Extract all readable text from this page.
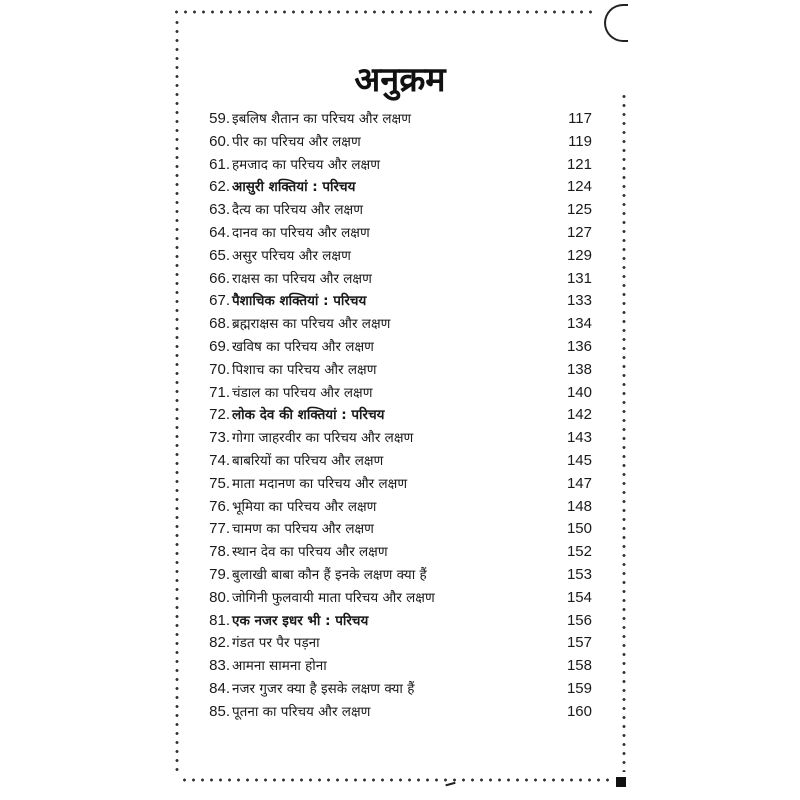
अनुक्रम
59. इबलिष शैतान का परिचय और लक्षण	117
60. पीर का परिचय और लक्षण	119
61. हमजाद का परिचय और लक्षण	121
62. आसुरी शक्तियां : परिचय	124
63. दैत्य का परिचय और लक्षण	125
64. दानव का परिचय और लक्षण	127
65. असुर परिचय और लक्षण	129
66. राक्षस का परिचय और लक्षण	131
67. पैशाचिक शक्तियां : परिचय	133
68. ब्रह्मराक्षस का परिचय और लक्षण	134
69. खविष का परिचय और लक्षण	136
70. पिशाच का परिचय और लक्षण	138
71. चंडाल का परिचय और लक्षण	140
72. लोक देव की शक्तियां : परिचय	142
73. गोगा जाहरवीर का परिचय और लक्षण	143
74. बाबरियों का परिचय और लक्षण	145
75. माता मदानण का परिचय और लक्षण	147
76. भूमिया का परिचय और लक्षण	148
77. चामण का परिचय और लक्षण	150
78. स्थान देव का परिचय और लक्षण	152
79. बुलाखी बाबा कौन हैं इनके लक्षण क्या हैं	153
80. जोगिनी फुलवायी माता परिचय और लक्षण	154
81. एक नजर इधर भी : परिचय	156
82. गंडत पर पैर पड़ना	157
83. आमना सामना होना	158
84. नजर गुजर क्या है इसके लक्षण क्या हैं	159
85. पूतना का परिचय और लक्षण	160
